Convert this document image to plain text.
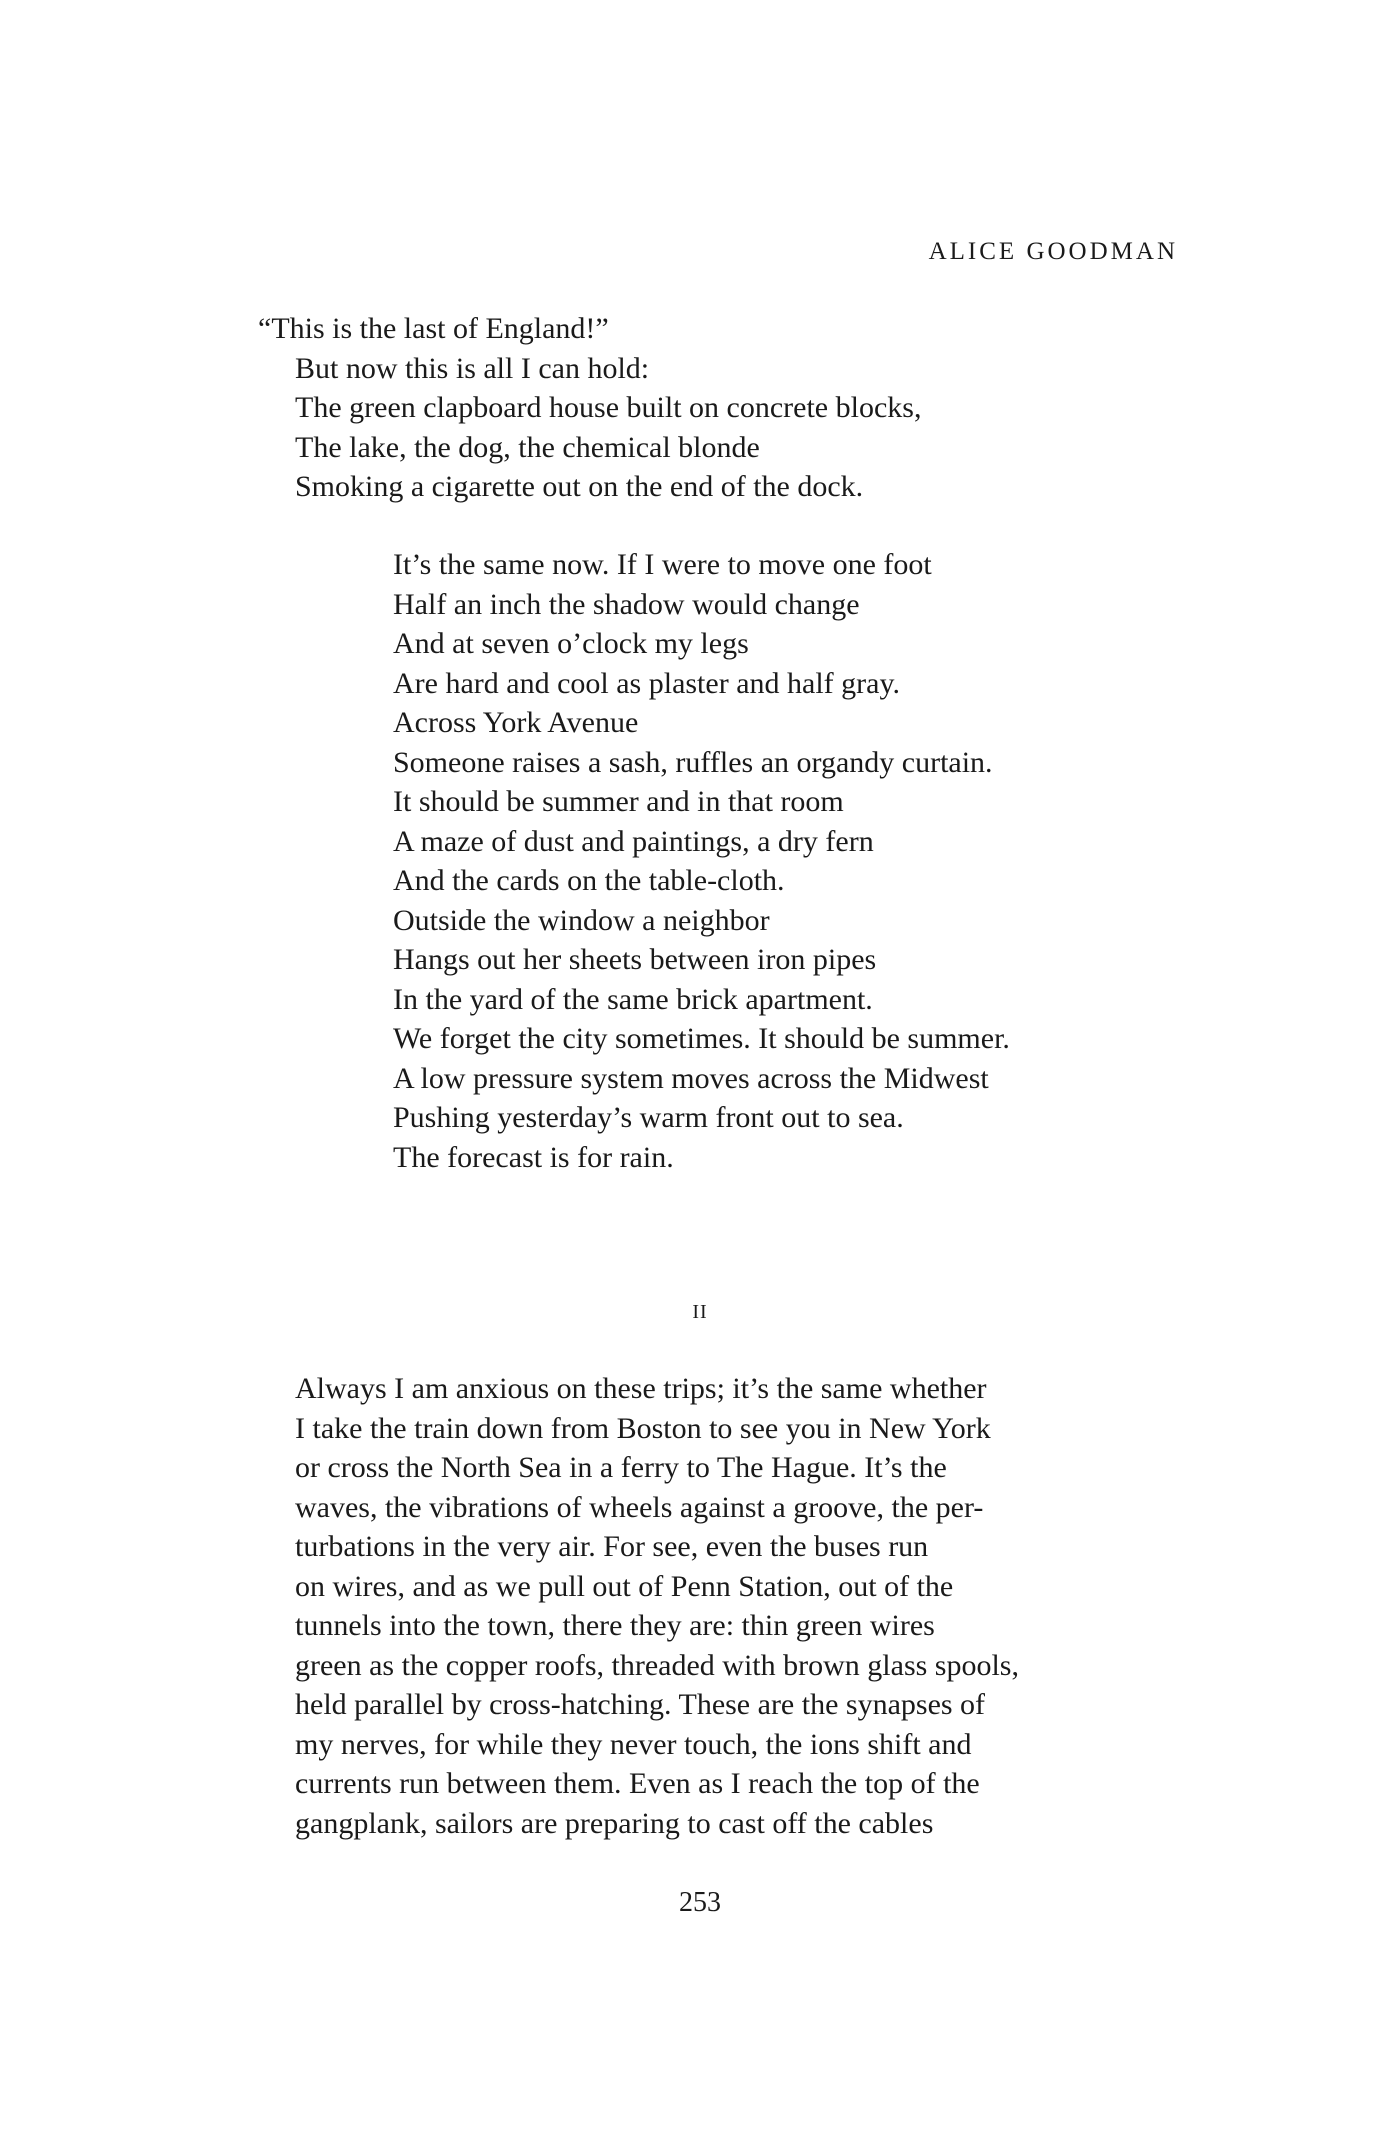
ALICE GOODMAN
“This is the last of England!”
But now this is all I can hold:
The green clapboard house built on concrete blocks,
The lake, the dog, the chemical blonde
Smoking a cigarette out on the end of the dock.
It’s the same now. If I were to move one foot
Half an inch the shadow would change
And at seven o’clock my legs
Are hard and cool as plaster and half gray.
Across York Avenue
Someone raises a sash, ruffles an organdy curtain.
It should be summer and in that room
A maze of dust and paintings, a dry fern
And the cards on the table-cloth.
Outside the window a neighbor
Hangs out her sheets between iron pipes
In the yard of the same brick apartment.
We forget the city sometimes. It should be summer.
A low pressure system moves across the Midwest
Pushing yesterday’s warm front out to sea.
The forecast is for rain.
II
Always I am anxious on these trips; it’s the same whether
I take the train down from Boston to see you in New York
or cross the North Sea in a ferry to The Hague. It’s the
waves, the vibrations of wheels against a groove, the per-
turbations in the very air. For see, even the buses run
on wires, and as we pull out of Penn Station, out of the
tunnels into the town, there they are: thin green wires
green as the copper roofs, threaded with brown glass spools,
held parallel by cross-hatching. These are the synapses of
my nerves, for while they never touch, the ions shift and
currents run between them. Even as I reach the top of the
gangplank, sailors are preparing to cast off the cables
253
